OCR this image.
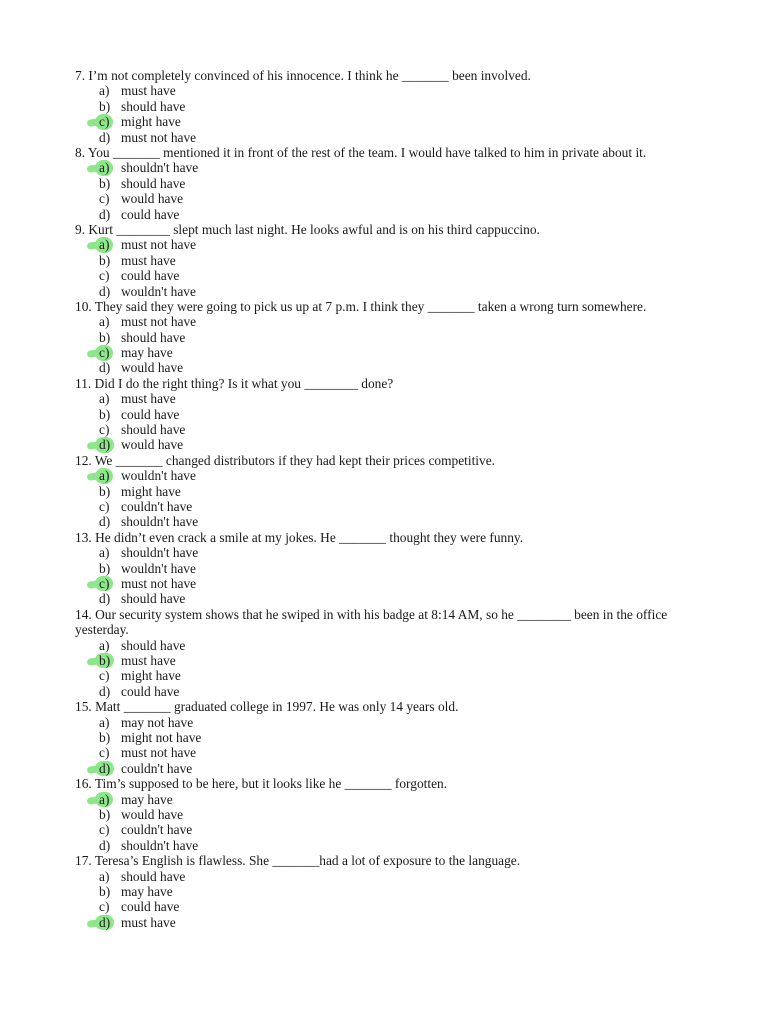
7. I’m not completely convinced of his innocence. I think he _______ been involved.

a) must have
b) should have
c) might have
d) must not have

8. You _______ mentioned it in front of the rest of the team. I would have talked to him in private about it.

a) shouldn't have
b) should have
c) would have
d) could have

9. Kurt ________ slept much last night. He looks awful and is on his third cappuccino.

a) must not have
b) must have
c) could have
d) wouldn't have

10. They said they were going to pick us up at 7 p.m. I think they _______ taken a wrong turn somewhere.

a) must not have
b) should have
c) may have
d) would have

11. Did I do the right thing? Is it what you ________ done?

a) must have
b) could have
c) should have
d) would have

12. We _______ changed distributors if they had kept their prices competitive.

a) wouldn't have
b) might have
c) couldn't have
d) shouldn't have

13. He didn’t even crack a smile at my jokes. He _______ thought they were funny.

a) shouldn't have
b) wouldn't have
c) must not have
d) should have

14. Our security system shows that he swiped in with his badge at 8:14 AM, so he ________ been in the office yesterday.

a) should have
b) must have
c) might have
d) could have

15. Matt _______ graduated college in 1997. He was only 14 years old.

a) may not have
b) might not have
c) must not have
d) couldn't have

16. Tim’s supposed to be here, but it looks like he _______ forgotten.

a) may have
b) would have
c) couldn't have
d) shouldn't have

17. Teresa’s English is flawless. She _______had a lot of exposure to the language.

a) should have
b) may have
c) could have
d) must have
